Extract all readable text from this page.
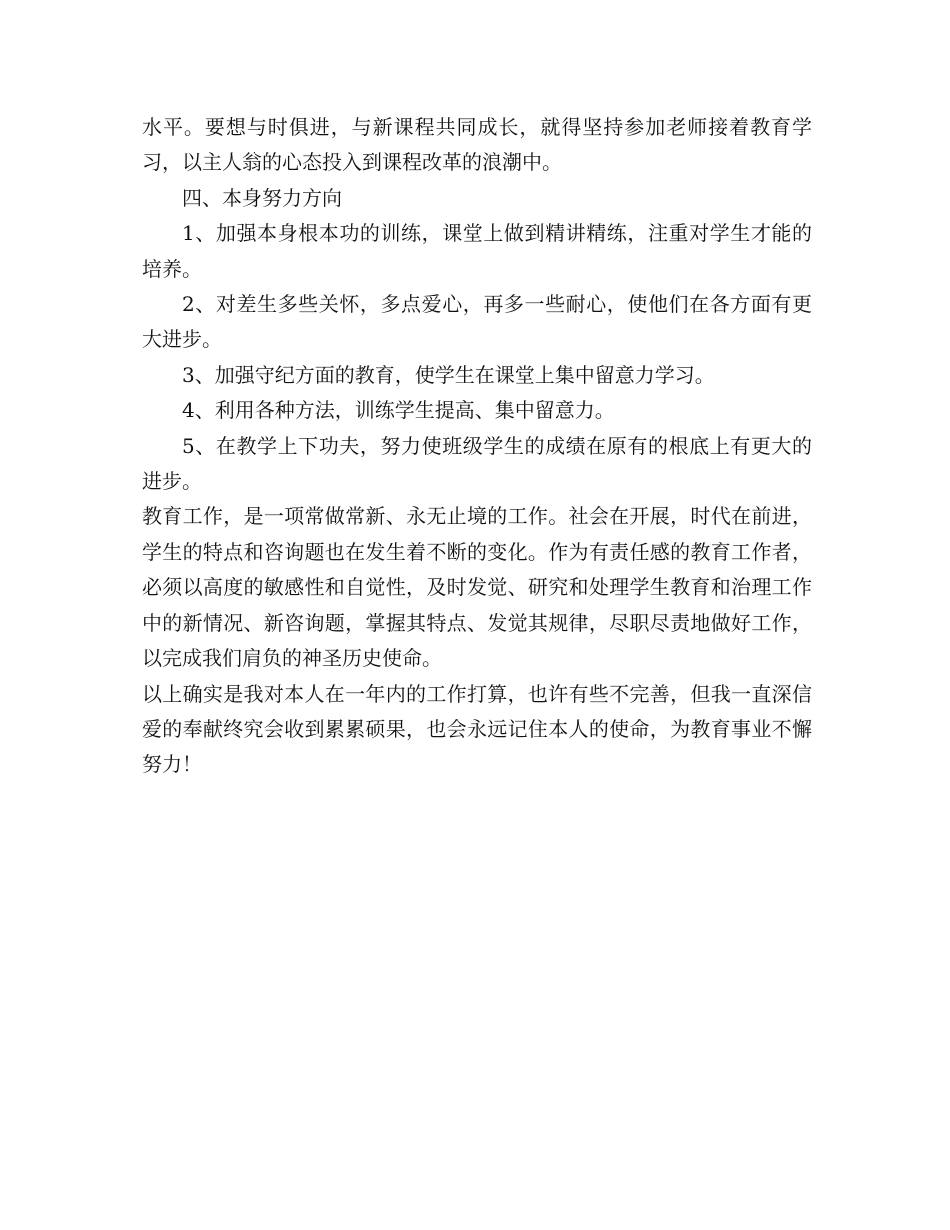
水平。要想与时俱进，与新课程共同成长，就得坚持参加老师接着教育学习，以主人翁的心态投入到课程改革的浪潮中。

四、本身努力方向

1、加强本身根本功的训练，课堂上做到精讲精练，注重对学生才能的培养。

2、对差生多些关怀，多点爱心，再多一些耐心，使他们在各方面有更大进步。

3、加强守纪方面的教育，使学生在课堂上集中留意力学习。

4、利用各种方法，训练学生提高、集中留意力。

5、在教学上下功夫，努力使班级学生的成绩在原有的根底上有更大的进步。

教育工作，是一项常做常新、永无止境的工作。社会在开展，时代在前进，学生的特点和咨询题也在发生着不断的变化。作为有责任感的教育工作者，必须以高度的敏感性和自觉性，及时发觉、研究和处理学生教育和治理工作中的新情况、新咨询题，掌握其特点、发觉其规律，尽职尽责地做好工作，以完成我们肩负的神圣历史使命。

以上确实是我对本人在一年内的工作打算，也许有些不完善，但我一直深信爱的奉献终究会收到累累硕果，也会永远记住本人的使命，为教育事业不懈努力！
